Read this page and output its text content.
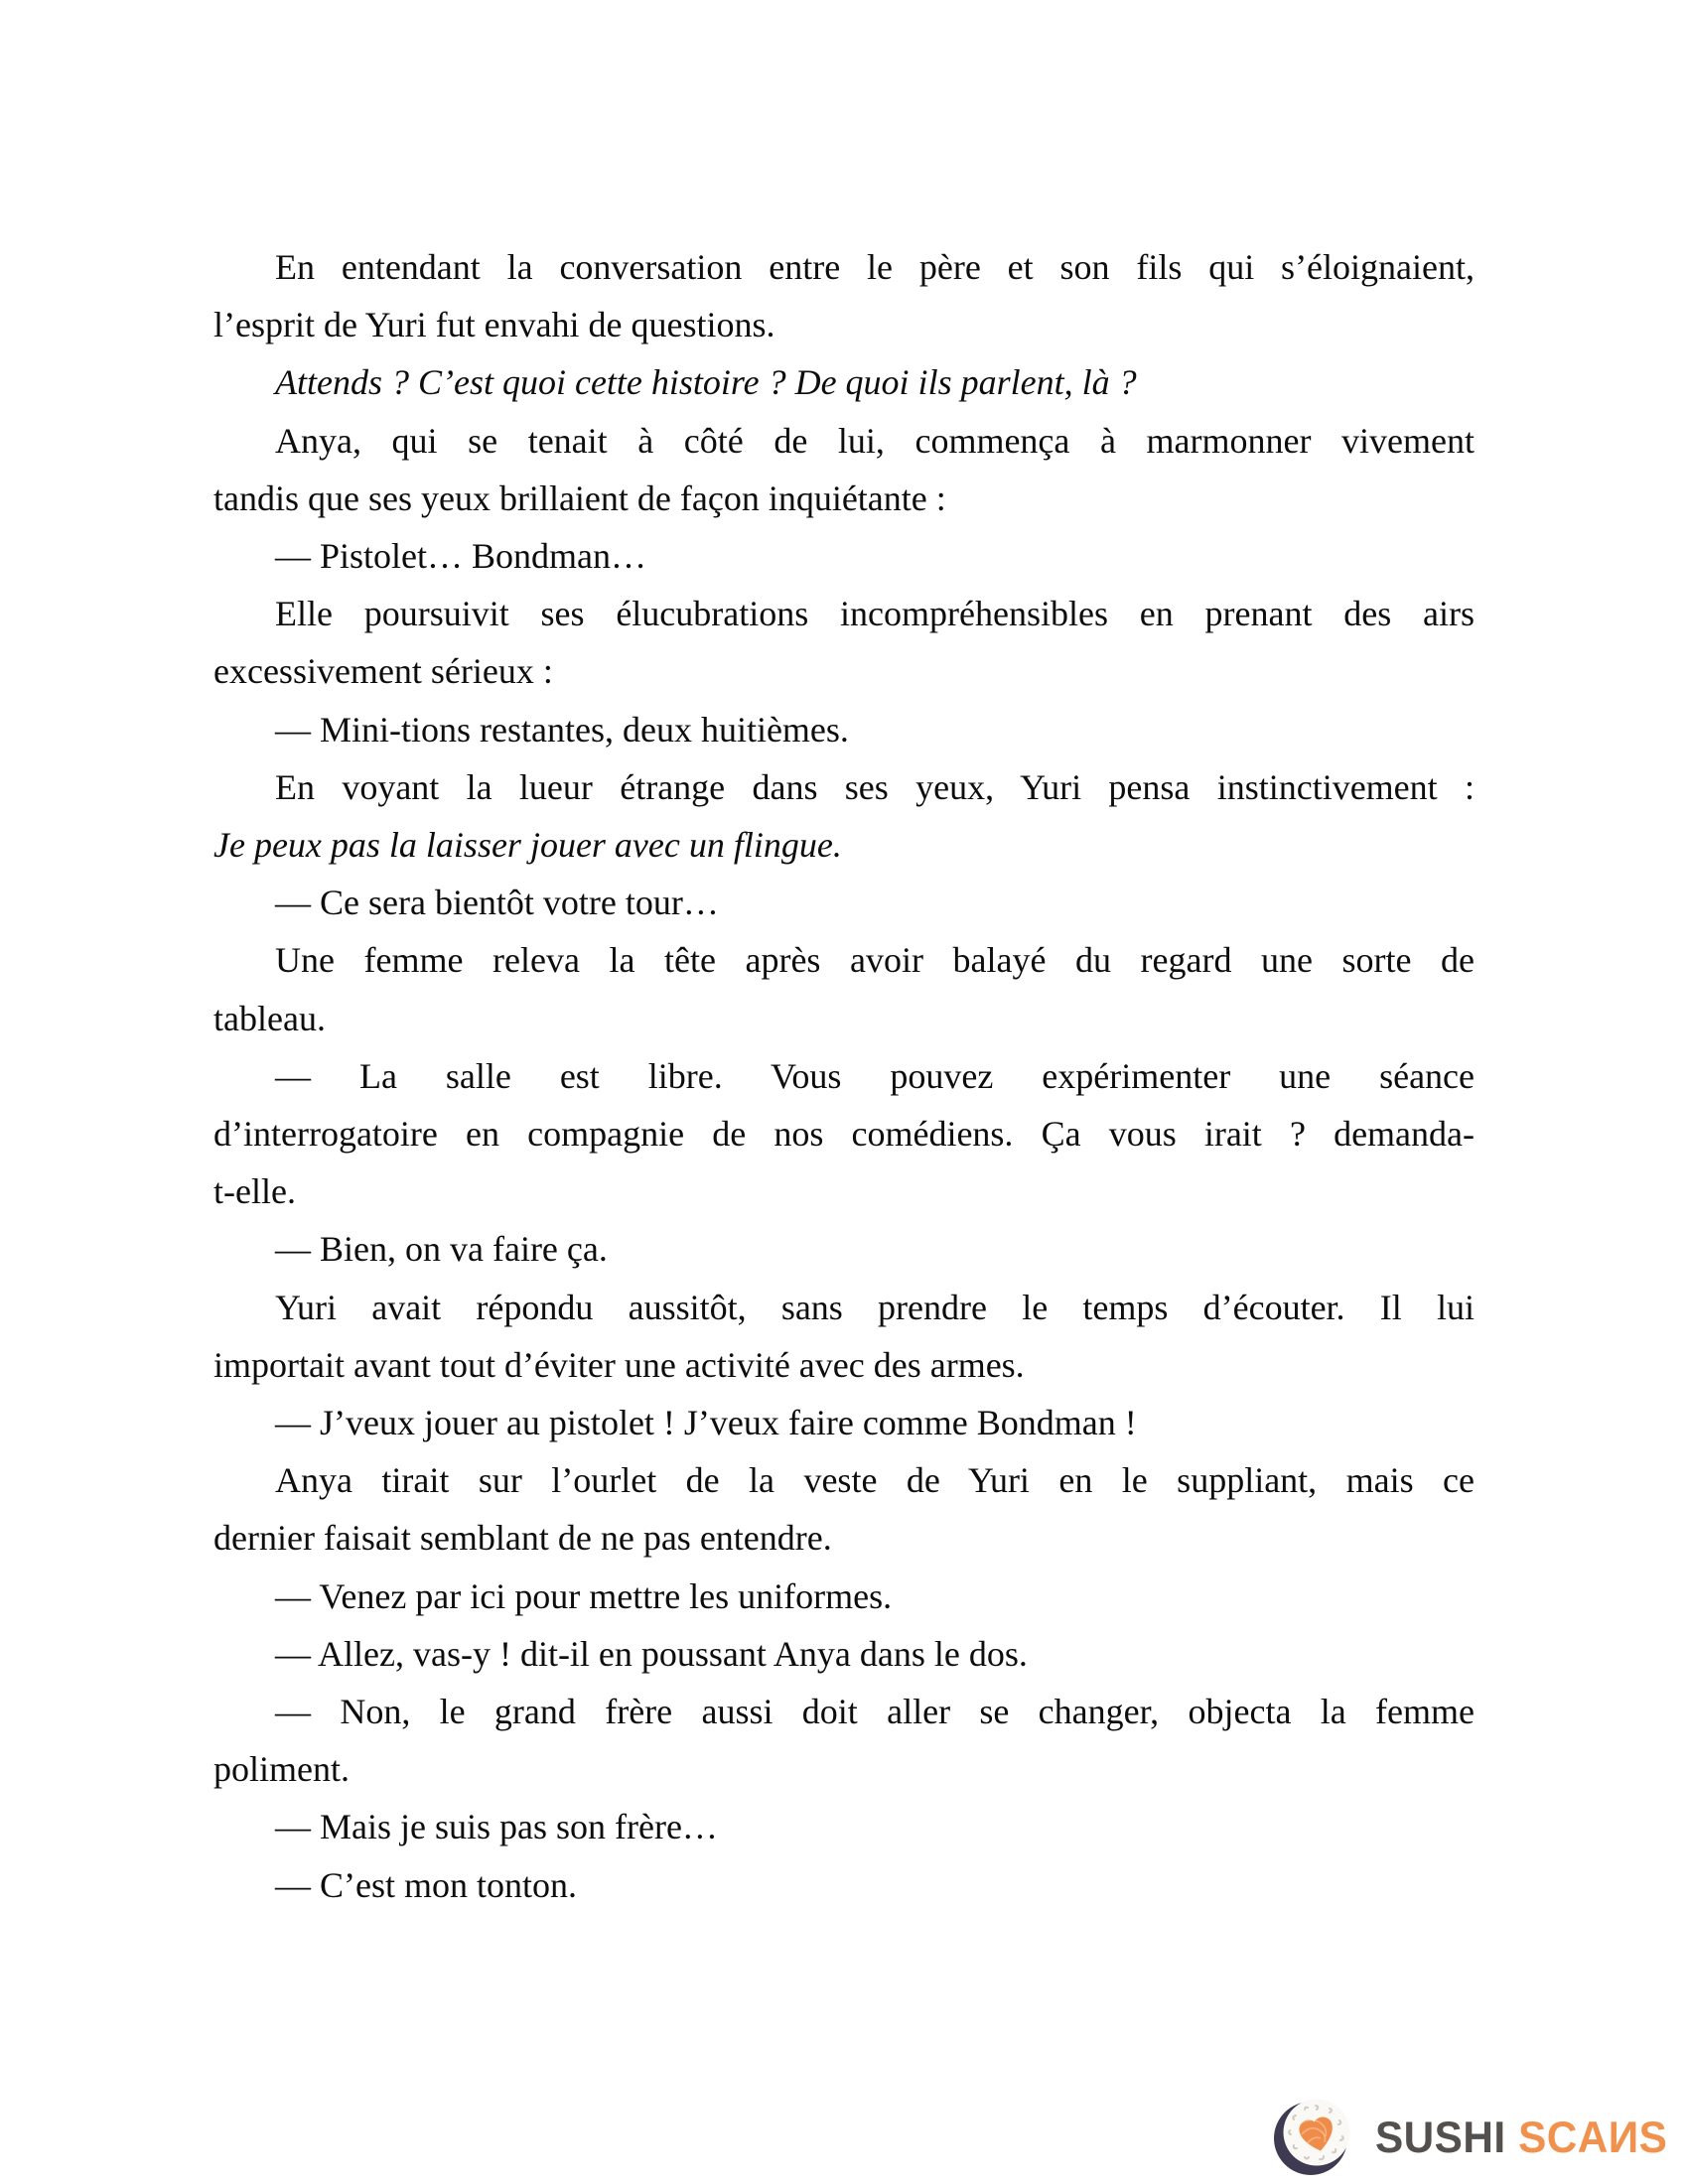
En entendant la conversation entre le père et son fils qui s’éloignaient,
l’esprit de Yuri fut envahi de questions.
Attends ? C’est quoi cette histoire ? De quoi ils parlent, là ?
Anya, qui se tenait à côté de lui, commença à marmonner vivement
tandis que ses yeux brillaient de façon inquiétante :
— Pistolet… Bondman…
Elle poursuivit ses élucubrations incompréhensibles en prenant des airs
excessivement sérieux :
— Mini-tions restantes, deux huitièmes.
En voyant la lueur étrange dans ses yeux, Yuri pensa instinctivement :
Je peux pas la laisser jouer avec un flingue.
— Ce sera bientôt votre tour…
Une femme releva la tête après avoir balayé du regard une sorte de
tableau.
— La salle est libre. Vous pouvez expérimenter une séance
d’interrogatoire en compagnie de nos comédiens. Ça vous irait ? demanda-
t-elle.
— Bien, on va faire ça.
Yuri avait répondu aussitôt, sans prendre le temps d’écouter. Il lui
importait avant tout d’éviter une activité avec des armes.
— J’veux jouer au pistolet ! J’veux faire comme Bondman !
Anya tirait sur l’ourlet de la veste de Yuri en le suppliant, mais ce
dernier faisait semblant de ne pas entendre.
— Venez par ici pour mettre les uniformes.
— Allez, vas-y ! dit-il en poussant Anya dans le dos.
— Non, le grand frère aussi doit aller se changer, objecta la femme
poliment.
— Mais je suis pas son frère…
— C’est mon tonton.
SUSHI SCAИS
